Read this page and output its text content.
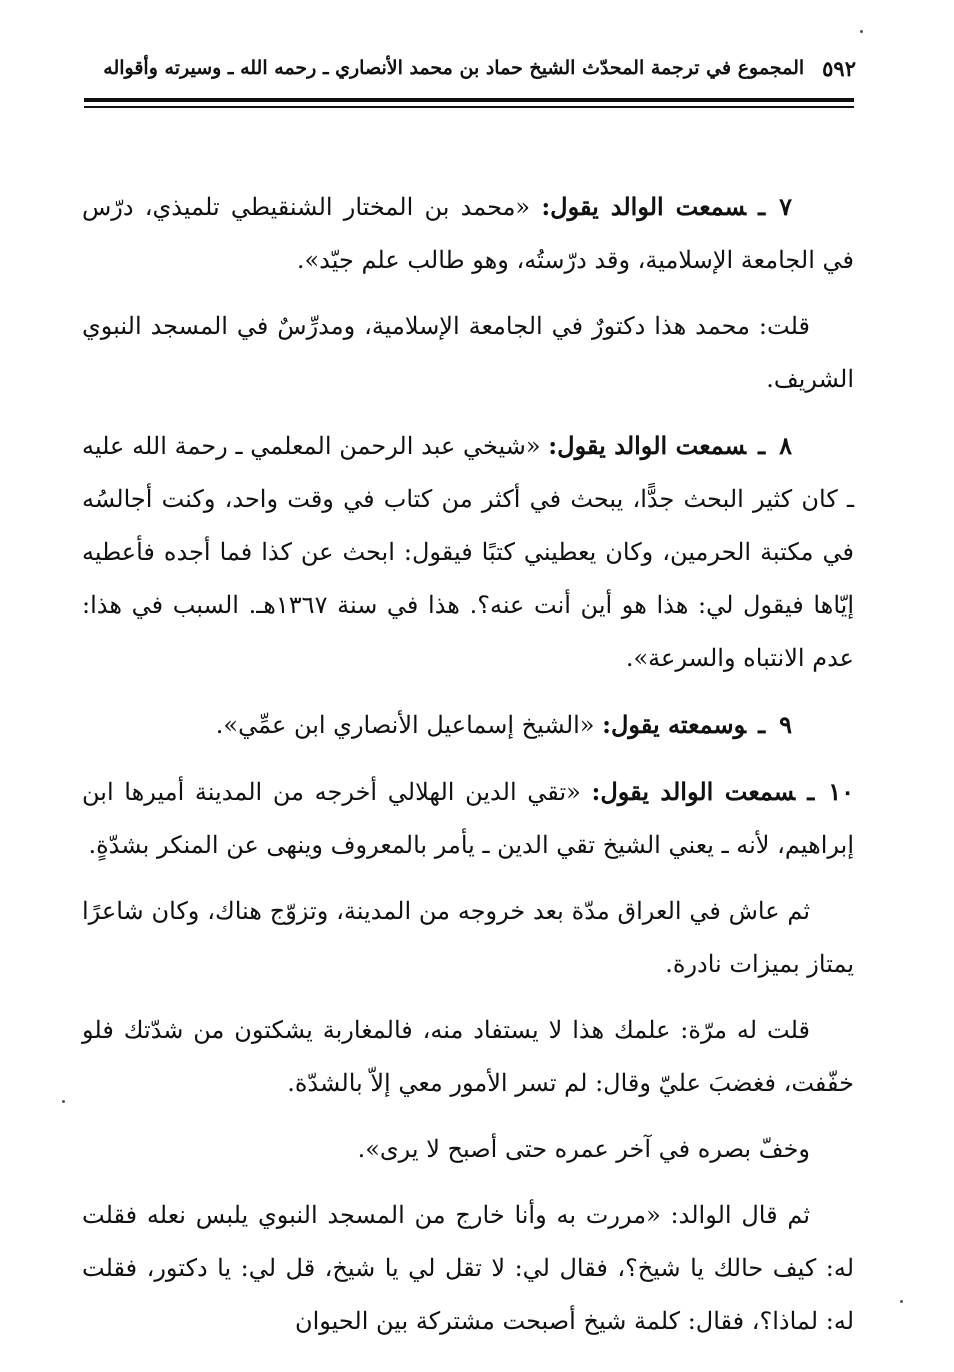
٥٩٢
المجموع في ترجمة المحدّث الشيخ حماد بن محمد الأنصاري ـ رحمه الله ـ وسيرته وأقواله

٧ـسمعت الوالد يقول: «محمد بن المختار الشنقيطي تلميذي، درّس في الجامعة الإسلامية، وقد درّستُه، وهو طالب علم جيّد».

قلت: محمد هذا دكتورٌ في الجامعة الإسلامية، ومدرِّسٌ في المسجد النبوي الشريف.

٨ـسمعت الوالد يقول: «شيخي عبد الرحمن المعلمي ـ رحمة الله عليه ـ كان كثير البحث جدًّا، يبحث في أكثر من كتاب في وقت واحد، وكنت أجالسُه في مكتبة الحرمين، وكان يعطيني كتبًا فيقول: ابحث عن كذا فما أجده فأعطيه إيّاها فيقول لي: هذا هو أين أنت عنه؟. هذا في سنة ١٣٦٧هـ. السبب في هذا: عدم الانتباه والسرعة».

٩ـوسمعته يقول: «الشيخ إسماعيل الأنصاري ابن عمِّي».

١٠ـسمعت الوالد يقول: «تقي الدين الهلالي أخرجه من المدينة أميرها ابن إبراهيم، لأنه ـ يعني الشيخ تقي الدين ـ يأمر بالمعروف وينهى عن المنكر بشدّةٍ.

ثم عاش في العراق مدّة بعد خروجه من المدينة، وتزوّج هناك، وكان شاعرًا يمتاز بميزات نادرة.

قلت له مرّة: علمك هذا لا يستفاد منه، فالمغاربة يشكتون من شدّتك فلو خفّفت، فغضبَ عليّ وقال: لم تسر الأمور معي إلاّ بالشدّة.

وخفّ بصره في آخر عمره حتى أصبح لا يرى».

ثم قال الوالد: «مررت به وأنا خارج من المسجد النبوي يلبس نعله فقلت له: كيف حالك يا شيخ؟، فقال لي: لا تقل لي يا شيخ، قل لي: يا دكتور، فقلت له: لماذا؟، فقال: كلمة شيخ أصبحت مشتركة بين الحيوان
